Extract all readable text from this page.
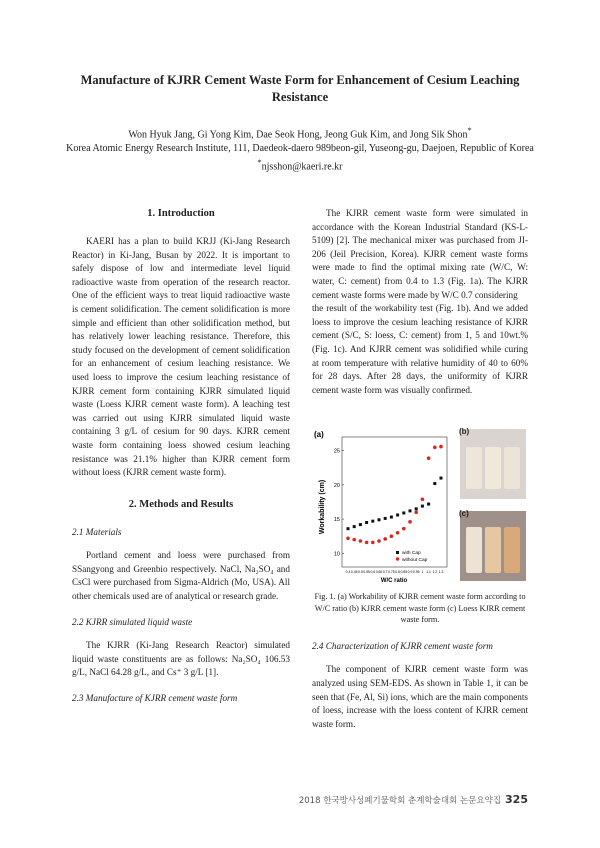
Manufacture of KJRR Cement Waste Form for Enhancement of Cesium Leaching Resistance
Won Hyuk Jang, Gi Yong Kim, Dae Seok Hong, Jeong Guk Kim, and Jong Sik Shon*
Korea Atomic Energy Research Institute, 111, Daedeok-daero 989beon-gil, Yuseong-gu, Daejoen, Republic of Korea
*njsshon@kaeri.re.kr
1. Introduction

KAERI has a plan to build KRJJ (Ki-Jang Research Reactor) in Ki-Jang, Busan by 2022. It is important to safely dispose of low and intermediate level liquid radioactive waste from operation of the research reactor. One of the efficient ways to treat liquid radioactive waste is cement solidification. The cement solidification is more simple and efficient than other solidification method, but has relatively lower leaching resistance. Therefore, this study focused on the development of cement solidification for an enhancement of cesium leaching resistance. We used loess to improve the cesium leaching resistance of KJRR cement form containing KJRR simulated liquid waste (Loess KJRR cement waste form). A leaching test was carried out using KJRR simulated liquid waste containing 3 g/L of cesium for 90 days. KJRR cement waste form containing loess showed cesium leaching resistance was 21.1% higher than KJRR cement form without loess (KJRR cement waste form).

2. Methods and Results
2.1 Materials

Portland cement and loess were purchased from SSangyong and Greenbio respectively. NaCl, Na₂SO₄ and CsCl were purchased from Sigma-Aldrich (Mo, USA). All other chemicals used are of analytical or research grade.

2.2 KJRR simulated liquid waste

The KJRR (Ki-Jang Research Reactor) simulated liquid waste constituents are as follows: Na₂SO₄ 106.53 g/L, NaCl 64.28 g/L, and Cs⁺ 3 g/L [1].

2.3 Manufacture of KJRR cement waste form

The KJRR cement waste form were simulated in accordance with the Korean Industrial Standard (KS-L-5109) [2]. The mechanical mixer was purchased from JI-206 (Jeil Precision, Korea). KJRR cement waste forms were made to find the optimal mixing rate (W/C, W: water, C: cement) from 0.4 to 1.3 (Fig. 1a). The KJRR cement waste forms were made by W/C 0.7 considering

the result of the workability test (Fig. 1b). And we added loess to improve the cesium leaching resistance of KJRR cement (S/C, S: loess, C: cement) from 1, 5 and 10wt.% (Fig. 1c). And KJRR cement was solidified while curing at room temperature with relative humidity of 40 to 60% for 28 days. After 28 days, the uniformity of KJRR cement waste form was visually confirmed.

(a)
Workability (cm)
W/C ratio
10
15
20
25
0.4 0.45 0.5 0.55 0.6 0.65 0.7 0.75 0.8 0.85 0.9 0.95 1 1.1 1.2 1.3
with Cap
without Cap
(b)
(c)
Fig. 1. (a) Workability of KJRR cement waste form according to W/C ratio (b) KJRR cement waste form (c) Loess KJRR cement waste form.
2.4 Characterization of KJRR cement waste form

The component of KJRR cement waste form was analyzed using SEM-EDS. As shown in Table 1, it can be seen that (Fe, Al, Si) ions, which are the main components of loess, increase with the loess content of KJRR cement waste form.

2018 한국방사성폐기물학회 춘계학술대회 논문요약집 325
